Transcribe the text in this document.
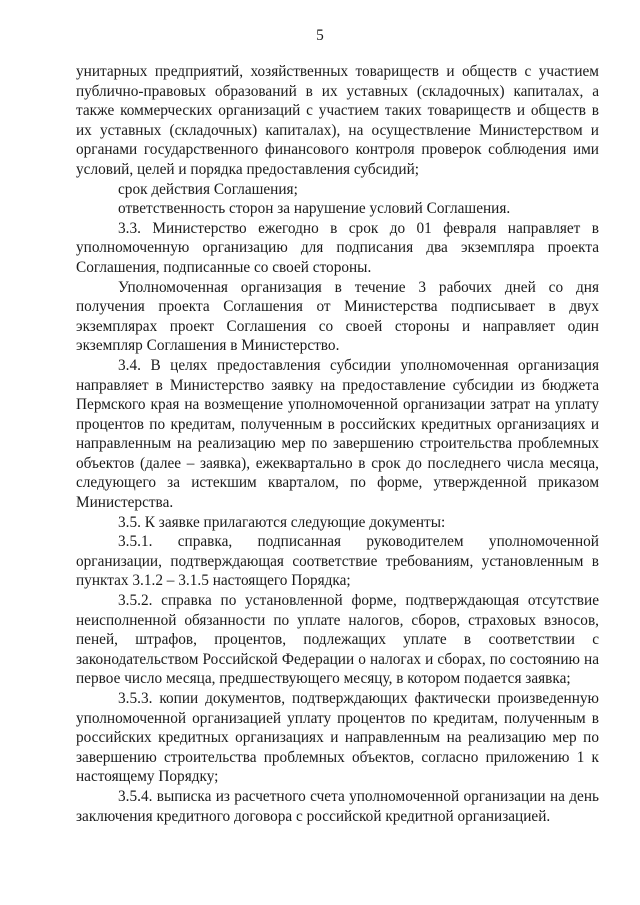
5

унитарных предприятий, хозяйственных товариществ и обществ с участием публично-правовых образований в их уставных (складочных) капиталах, а также коммерческих организаций с участием таких товариществ и обществ в их уставных (складочных) капиталах), на осуществление Министерством и органами государственного финансового контроля проверок соблюдения ими условий, целей и порядка предоставления субсидий;

срок действия Соглашения;

ответственность сторон за нарушение условий Соглашения.

3.3. Министерство ежегодно в срок до 01 февраля направляет в уполномоченную организацию для подписания два экземпляра проекта Соглашения, подписанные со своей стороны.

Уполномоченная организация в течение 3 рабочих дней со дня получения проекта Соглашения от Министерства подписывает в двух экземплярах проект Соглашения со своей стороны и направляет один экземпляр Соглашения в Министерство.

3.4. В целях предоставления субсидии уполномоченная организация направляет в Министерство заявку на предоставление субсидии из бюджета Пермского края на возмещение уполномоченной организации затрат на уплату процентов по кредитам, полученным в российских кредитных организациях и направленным на реализацию мер по завершению строительства проблемных объектов (далее – заявка), ежеквартально в срок до последнего числа месяца, следующего за истекшим кварталом, по форме, утвержденной приказом Министерства.

3.5. К заявке прилагаются следующие документы:

3.5.1. справка, подписанная руководителем уполномоченной организации, подтверждающая соответствие требованиям, установленным в пунктах 3.1.2 – 3.1.5 настоящего Порядка;

3.5.2. справка по установленной форме, подтверждающая отсутствие неисполненной обязанности по уплате налогов, сборов, страховых взносов, пеней, штрафов, процентов, подлежащих уплате в соответствии с законодательством Российской Федерации о налогах и сборах, по состоянию на первое число месяца, предшествующего месяцу, в котором подается заявка;

3.5.3. копии документов, подтверждающих фактически произведенную уполномоченной организацией уплату процентов по кредитам, полученным в российских кредитных организациях и направленным на реализацию мер по завершению строительства проблемных объектов, согласно приложению 1 к настоящему Порядку;

3.5.4. выписка из расчетного счета уполномоченной организации на день заключения кредитного договора с российской кредитной организацией.
